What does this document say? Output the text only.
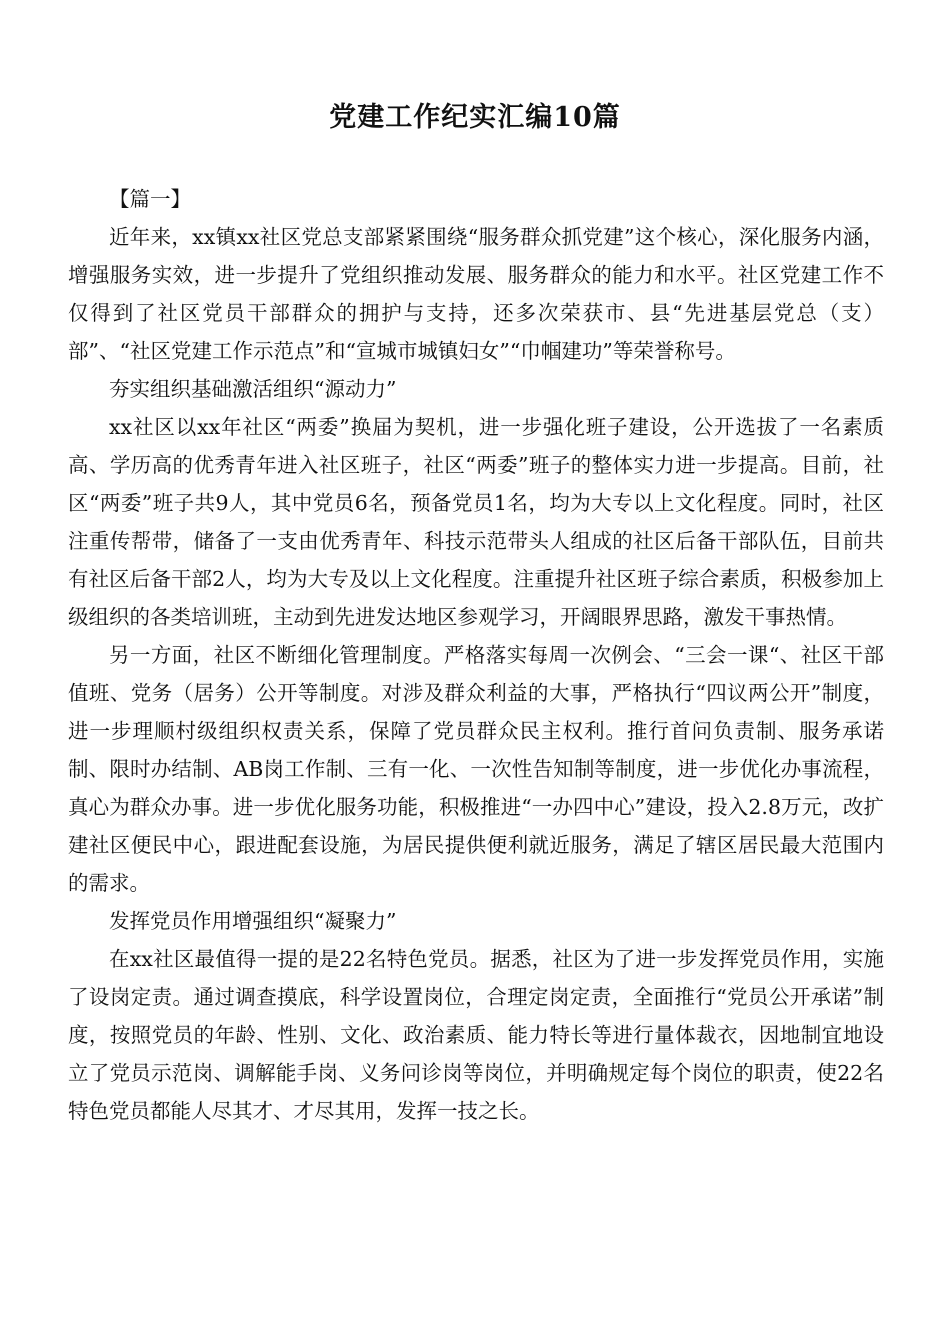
党建工作纪实汇编10篇

【篇一】

近年来，xx镇xx社区党总支部紧紧围绕“服务群众抓党建”这个核心，深化服务内涵，增强服务实效，进一步提升了党组织推动发展、服务群众的能力和水平。社区党建工作不仅得到了社区党员干部群众的拥护与支持，还多次荣获市、县“先进基层党总（支）部”、“社区党建工作示范点”和“宣城市城镇妇女”“巾帼建功”等荣誉称号。

夯实组织基础激活组织“源动力”

xx社区以xx年社区“两委”换届为契机，进一步强化班子建设，公开选拔了一名素质高、学历高的优秀青年进入社区班子，社区“两委”班子的整体实力进一步提高。目前，社区“两委”班子共9人，其中党员6名，预备党员1名，均为大专以上文化程度。同时，社区注重传帮带，储备了一支由优秀青年、科技示范带头人组成的社区后备干部队伍，目前共有社区后备干部2人，均为大专及以上文化程度。注重提升社区班子综合素质，积极参加上级组织的各类培训班，主动到先进发达地区参观学习，开阔眼界思路，激发干事热情。

另一方面，社区不断细化管理制度。严格落实每周一次例会、“三会一课“、社区干部值班、党务（居务）公开等制度。对涉及群众利益的大事，严格执行“四议两公开”制度，进一步理顺村级组织权责关系，保障了党员群众民主权利。推行首问负责制、服务承诺制、限时办结制、AB岗工作制、三有一化、一次性告知制等制度，进一步优化办事流程，真心为群众办事。进一步优化服务功能，积极推进“一办四中心”建设，投入2.8万元，改扩建社区便民中心，跟进配套设施，为居民提供便利就近服务，满足了辖区居民最大范围内的需求。

发挥党员作用增强组织“凝聚力”

在xx社区最值得一提的是22名特色党员。据悉，社区为了进一步发挥党员作用，实施了设岗定责。通过调查摸底，科学设置岗位，合理定岗定责，全面推行“党员公开承诺”制度，按照党员的年龄、性别、文化、政治素质、能力特长等进行量体裁衣，因地制宜地设立了党员示范岗、调解能手岗、义务问诊岗等岗位，并明确规定每个岗位的职责，使22名特色党员都能人尽其才、才尽其用，发挥一技之长。
